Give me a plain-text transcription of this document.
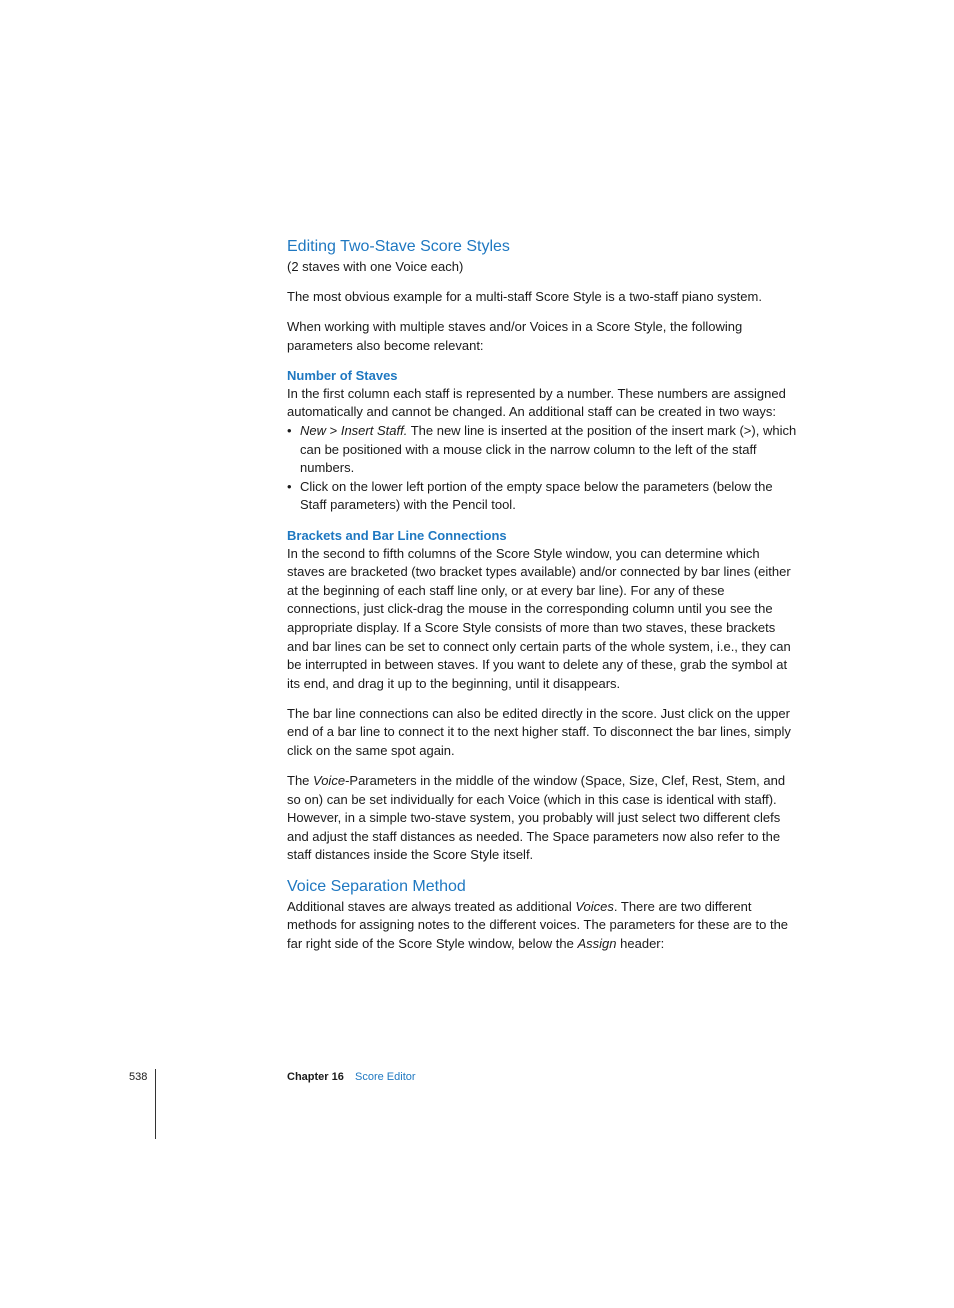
Editing Two-Stave Score Styles

(2 staves with one Voice each)

The most obvious example for a multi-staff Score Style is a two-staff piano system.

When working with multiple staves and/or Voices in a Score Style, the following parameters also become relevant:

Number of Staves

In the first column each staff is represented by a number. These numbers are assigned automatically and cannot be changed. An additional staff can be created in two ways:

• New > Insert Staff. The new line is inserted at the position of the insert mark (>), which can be positioned with a mouse click in the narrow column to the left of the staff numbers.
• Click on the lower left portion of the empty space below the parameters (below the Staff parameters) with the Pencil tool.
Brackets and Bar Line Connections

In the second to fifth columns of the Score Style window, you can determine which staves are bracketed (two bracket types available) and/or connected by bar lines (either at the beginning of each staff line only, or at every bar line). For any of these connections, just click-drag the mouse in the corresponding column until you see the appropriate display. If a Score Style consists of more than two staves, these brackets and bar lines can be set to connect only certain parts of the whole system, i.e., they can be interrupted in between staves. If you want to delete any of these, grab the symbol at its end, and drag it up to the beginning, until it disappears.

The bar line connections can also be edited directly in the score. Just click on the upper end of a bar line to connect it to the next higher staff. To disconnect the bar lines, simply click on the same spot again.

The Voice-Parameters in the middle of the window (Space, Size, Clef, Rest, Stem, and so on) can be set individually for each Voice (which in this case is identical with staff). However, in a simple two-stave system, you probably will just select two different clefs and adjust the staff distances as needed. The Space parameters now also refer to the staff distances inside the Score Style itself.

Voice Separation Method

Additional staves are always treated as additional Voices. There are two different methods for assigning notes to the different voices. The parameters for these are to the far right side of the Score Style window, below the Assign header:

538	Chapter 16 Score Editor
